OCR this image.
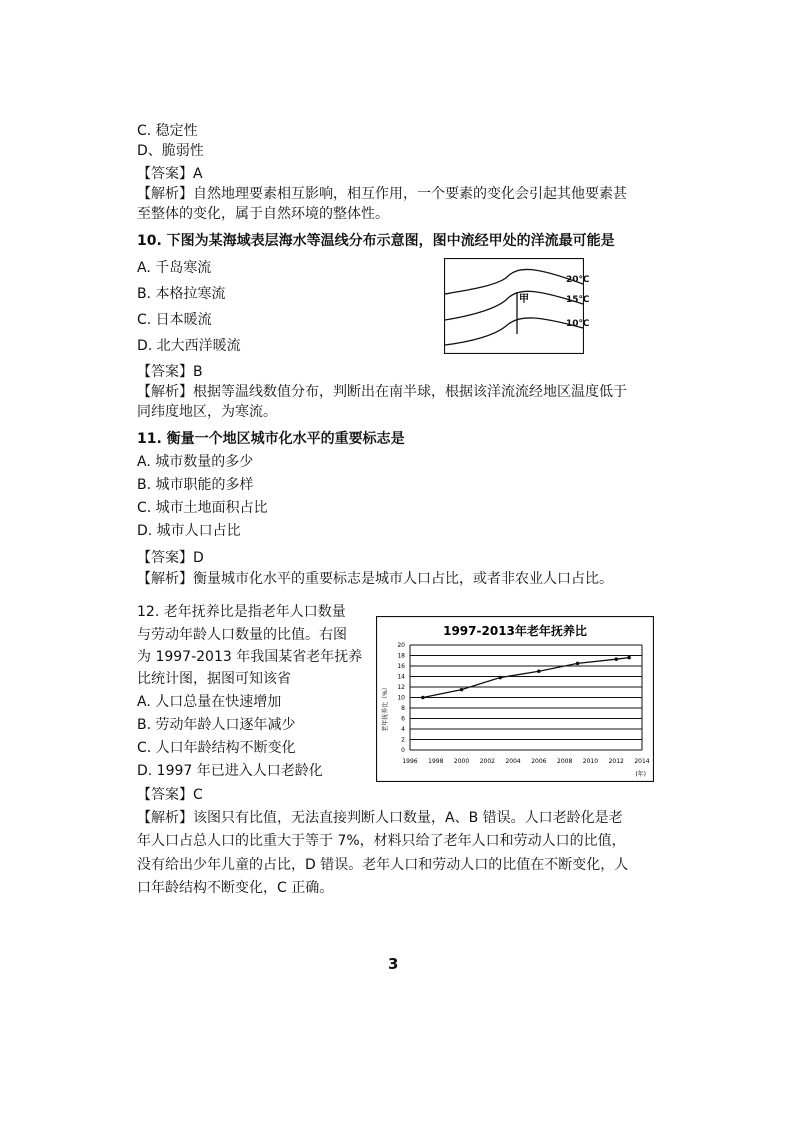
C. 稳定性
D、脆弱性
【答案】A
【解析】自然地理要素相互影响，相互作用，一个要素的变化会引起其他要素甚
至整体的变化，属于自然环境的整体性。
10. 下图为某海域表层海水等温线分布示意图，图中流经甲处的洋流最可能是
A. 千岛寒流
B. 本格拉寒流
C. 日本暖流
D. 北大西洋暖流
甲
20℃
15℃
10℃
【答案】B
【解析】根据等温线数值分布，判断出在南半球，根据该洋流流经地区温度低于
同纬度地区，为寒流。
11. 衡量一个地区城市化水平的重要标志是
A. 城市数量的多少
B. 城市职能的多样
C. 城市土地面积占比
D. 城市人口占比
【答案】D
【解析】衡量城市化水平的重要标志是城市人口占比，或者非农业人口占比。
12. 老年抚养比是指老年人口数量
与劳动年龄人口数量的比值。右图
为 1997-2013 年我国某省老年抚养
比统计图，据图可知该省
A. 人口总量在快速增加
B. 劳动年龄人口逐年减少
C. 人口年龄结构不断变化
D. 1997 年已进入人口老龄化
1997-2013年老年抚养比
老年抚养比（%）
0
2
4
6
8
10
12
14
16
18
20
1996 1998 2000 2002 2004 2006 2008 2010 2012 2014
(年)
【答案】C
【解析】该图只有比值，无法直接判断人口数量，A、B 错误。人口老龄化是老
年人口占总人口的比重大于等于 7%，材料只给了老年人口和劳动人口的比值，
没有给出少年儿童的占比，D 错误。老年人口和劳动人口的比值在不断变化，人
口年龄结构不断变化，C 正确。
3
